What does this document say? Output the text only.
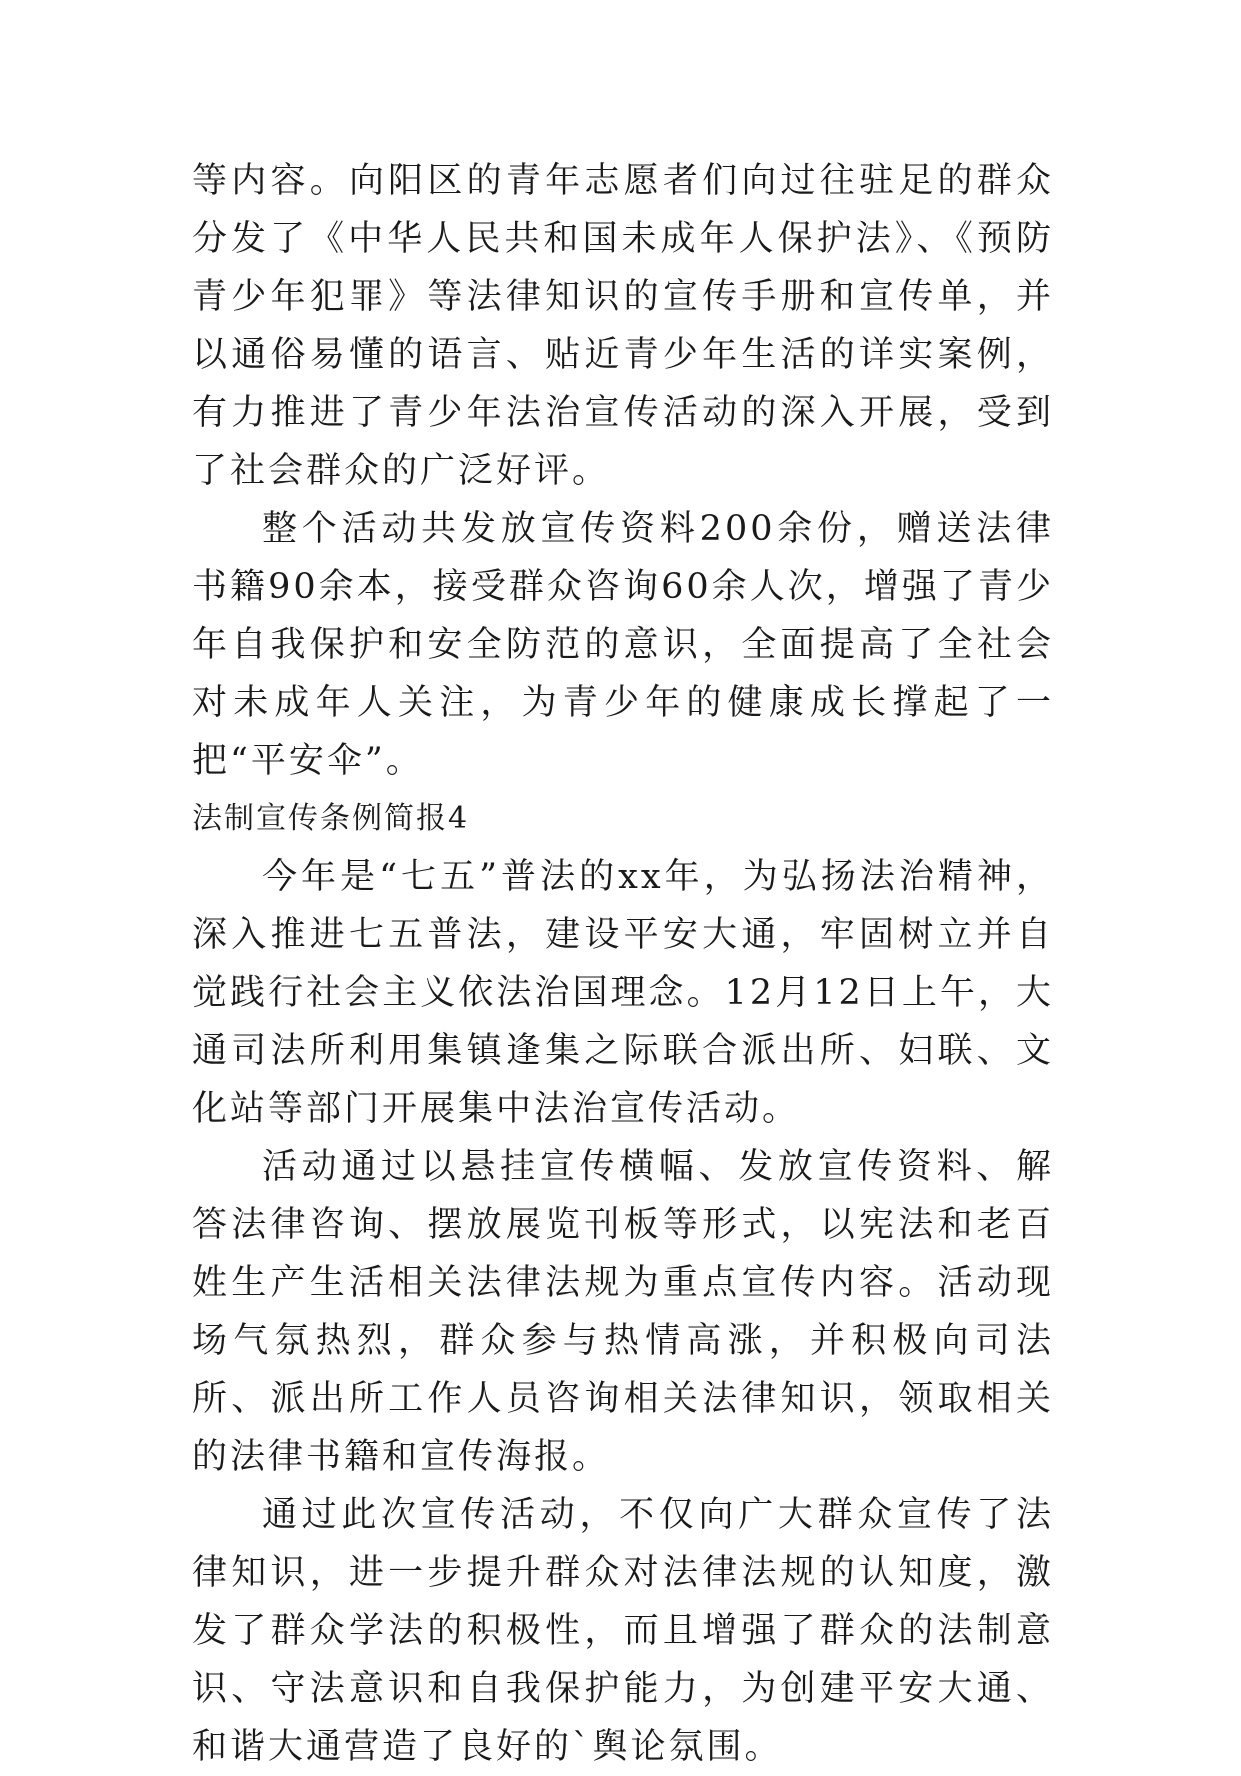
等内容。向阳区的青年志愿者们向过往驻足的群众分发了《中华人民共和国未成年人保护法》、《预防青少年犯罪》等法律知识的宣传手册和宣传单，并以通俗易懂的语言、贴近青少年生活的详实案例，有力推进了青少年法治宣传活动的深入开展，受到了社会群众的广泛好评。

整个活动共发放宣传资料200余份，赠送法律书籍90余本，接受群众咨询60余人次，增强了青少年自我保护和安全防范的意识，全面提高了全社会对未成年人关注，为青少年的健康成长撑起了一把“平安伞”。

法制宣传条例简报4

今年是“七五”普法的xx年，为弘扬法治精神，深入推进七五普法，建设平安大通，牢固树立并自觉践行社会主义依法治国理念。12月12日上午，大通司法所利用集镇逢集之际联合派出所、妇联、文化站等部门开展集中法治宣传活动。

活动通过以悬挂宣传横幅、发放宣传资料、解答法律咨询、摆放展览刊板等形式，以宪法和老百姓生产生活相关法律法规为重点宣传内容。活动现场气氛热烈，群众参与热情高涨，并积极向司法所、派出所工作人员咨询相关法律知识，领取相关的法律书籍和宣传海报。

通过此次宣传活动，不仅向广大群众宣传了法律知识，进一步提升群众对法律法规的认知度，激发了群众学法的积极性，而且增强了群众的法制意识、守法意识和自我保护能力，为创建平安大通、和谐大通营造了良好的`舆论氛围。
